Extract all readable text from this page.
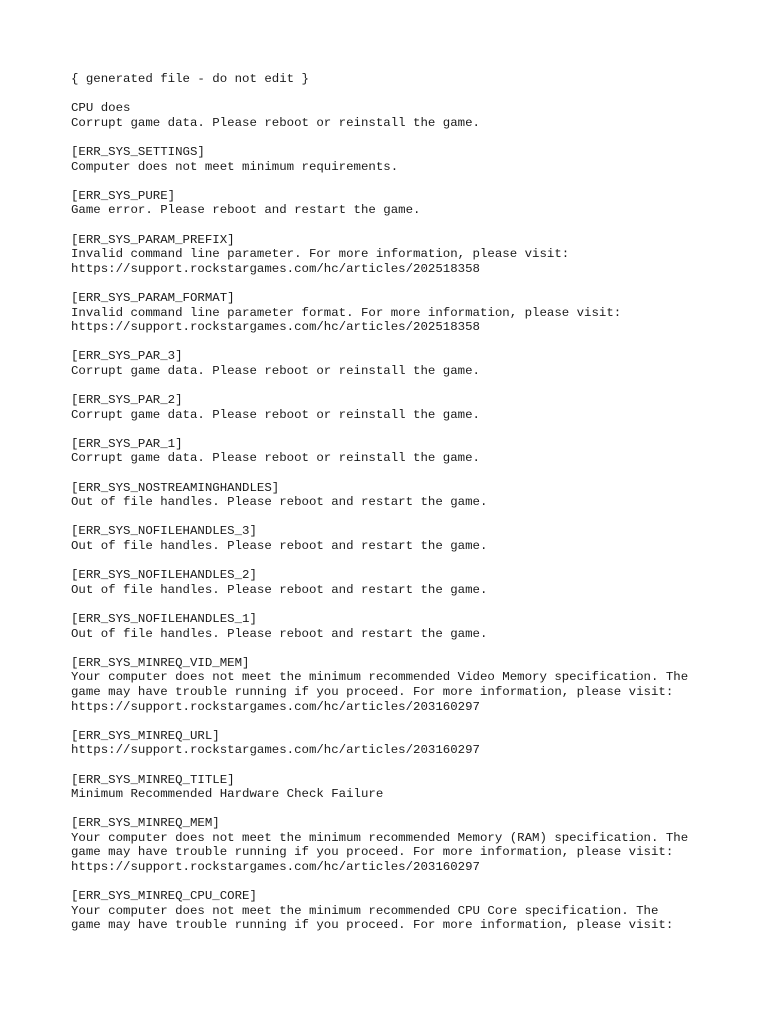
{ generated file - do not edit }
CPU does
Corrupt game data. Please reboot or reinstall the game.
[ERR_SYS_SETTINGS]
Computer does not meet minimum requirements.
[ERR_SYS_PURE]
Game error. Please reboot and restart the game.
[ERR_SYS_PARAM_PREFIX]
Invalid command line parameter. For more information, please visit:
https://support.rockstargames.com/hc/articles/202518358
[ERR_SYS_PARAM_FORMAT]
Invalid command line parameter format. For more information, please visit:
https://support.rockstargames.com/hc/articles/202518358
[ERR_SYS_PAR_3]
Corrupt game data. Please reboot or reinstall the game.
[ERR_SYS_PAR_2]
Corrupt game data. Please reboot or reinstall the game.
[ERR_SYS_PAR_1]
Corrupt game data. Please reboot or reinstall the game.
[ERR_SYS_NOSTREAMINGHANDLES]
Out of file handles. Please reboot and restart the game.
[ERR_SYS_NOFILEHANDLES_3]
Out of file handles. Please reboot and restart the game.
[ERR_SYS_NOFILEHANDLES_2]
Out of file handles. Please reboot and restart the game.
[ERR_SYS_NOFILEHANDLES_1]
Out of file handles. Please reboot and restart the game.
[ERR_SYS_MINREQ_VID_MEM]
Your computer does not meet the minimum recommended Video Memory specification. The
game may have trouble running if you proceed. For more information, please visit:
https://support.rockstargames.com/hc/articles/203160297
[ERR_SYS_MINREQ_URL]
https://support.rockstargames.com/hc/articles/203160297
[ERR_SYS_MINREQ_TITLE]
Minimum Recommended Hardware Check Failure
[ERR_SYS_MINREQ_MEM]
Your computer does not meet the minimum recommended Memory (RAM) specification. The
game may have trouble running if you proceed. For more information, please visit:
https://support.rockstargames.com/hc/articles/203160297
[ERR_SYS_MINREQ_CPU_CORE]
Your computer does not meet the minimum recommended CPU Core specification. The
game may have trouble running if you proceed. For more information, please visit:
